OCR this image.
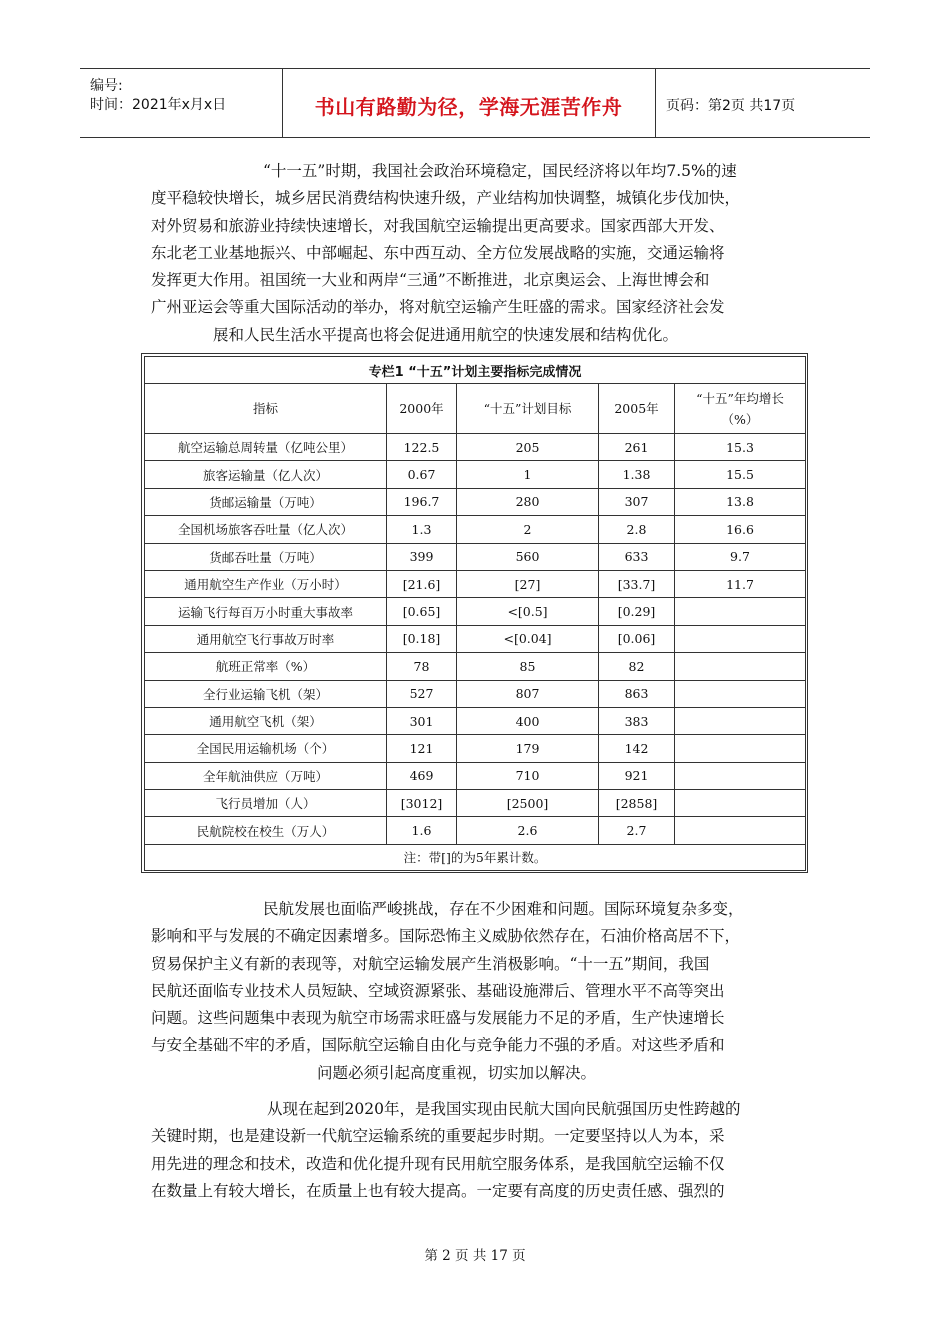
编号:
时间：2021年x月x日	书山有路勤为径，学海无涯苦作舟	页码：第2页 共17页
“十一五”时期，我国社会政治环境稳定，国民经济将以年均7.5%的速
度平稳较快增长，城乡居民消费结构快速升级，产业结构加快调整，城镇化步伐加快，
对外贸易和旅游业持续快速增长，对我国航空运输提出更高要求。国家西部大开发、
东北老工业基地振兴、中部崛起、东中西互动、全方位发展战略的实施，交通运输将
发挥更大作用。祖国统一大业和两岸“三通”不断推进，北京奥运会、上海世博会和
广州亚运会等重大国际活动的举办，将对航空运输产生旺盛的需求。国家经济社会发
展和人民生活水平提高也将会促进通用航空的快速发展和结构优化。
专栏1 “十五”计划主要指标完成情况				
指标	2000年	“十五”计划目标	2005年	“十五”年均增长
（%）

航空运输总周转量（亿吨公里）	122.5	205	261	15.3
旅客运输量（亿人次）	0.67	1	1.38	15.5
货邮运输量（万吨）	196.7	280	307	13.8
全国机场旅客吞吐量（亿人次）	1.3	2	2.8	16.6
货邮吞吐量（万吨）	399	560	633	9.7
通用航空生产作业（万小时）	[21.6]	[27]	[33.7]	11.7
运输飞行每百万小时重大事故率	[0.65]	<[0.5]	[0.29]	
通用航空飞行事故万时率	[0.18]	<[0.04]	[0.06]	
航班正常率（%）	78	85	82	
全行业运输飞机（架）	527	807	863	
通用航空飞机（架）	301	400	383	
全国民用运输机场（个）	121	179	142	
全年航油供应（万吨）	469	710	921	
飞行员增加（人）	[3012]	[2500]	[2858]	
民航院校在校生（万人）	1.6	2.6	2.7	
注：带[]的为5年累计数。				
民航发展也面临严峻挑战，存在不少困难和问题。国际环境复杂多变，
影响和平与发展的不确定因素增多。国际恐怖主义威胁依然存在，石油价格高居不下，
贸易保护主义有新的表现等，对航空运输发展产生消极影响。“十一五”期间，我国
民航还面临专业技术人员短缺、空域资源紧张、基础设施滞后、管理水平不高等突出
问题。这些问题集中表现为航空市场需求旺盛与发展能力不足的矛盾，生产快速增长
与安全基础不牢的矛盾，国际航空运输自由化与竞争能力不强的矛盾。对这些矛盾和
问题必须引起高度重视，切实加以解决。
从现在起到2020年，是我国实现由民航大国向民航强国历史性跨越的
关键时期，也是建设新一代航空运输系统的重要起步时期。一定要坚持以人为本，采
用先进的理念和技术，改造和优化提升现有民用航空服务体系，是我国航空运输不仅
在数量上有较大增长，在质量上也有较大提高。一定要有高度的历史责任感、强烈的
第 2 页 共 17 页
